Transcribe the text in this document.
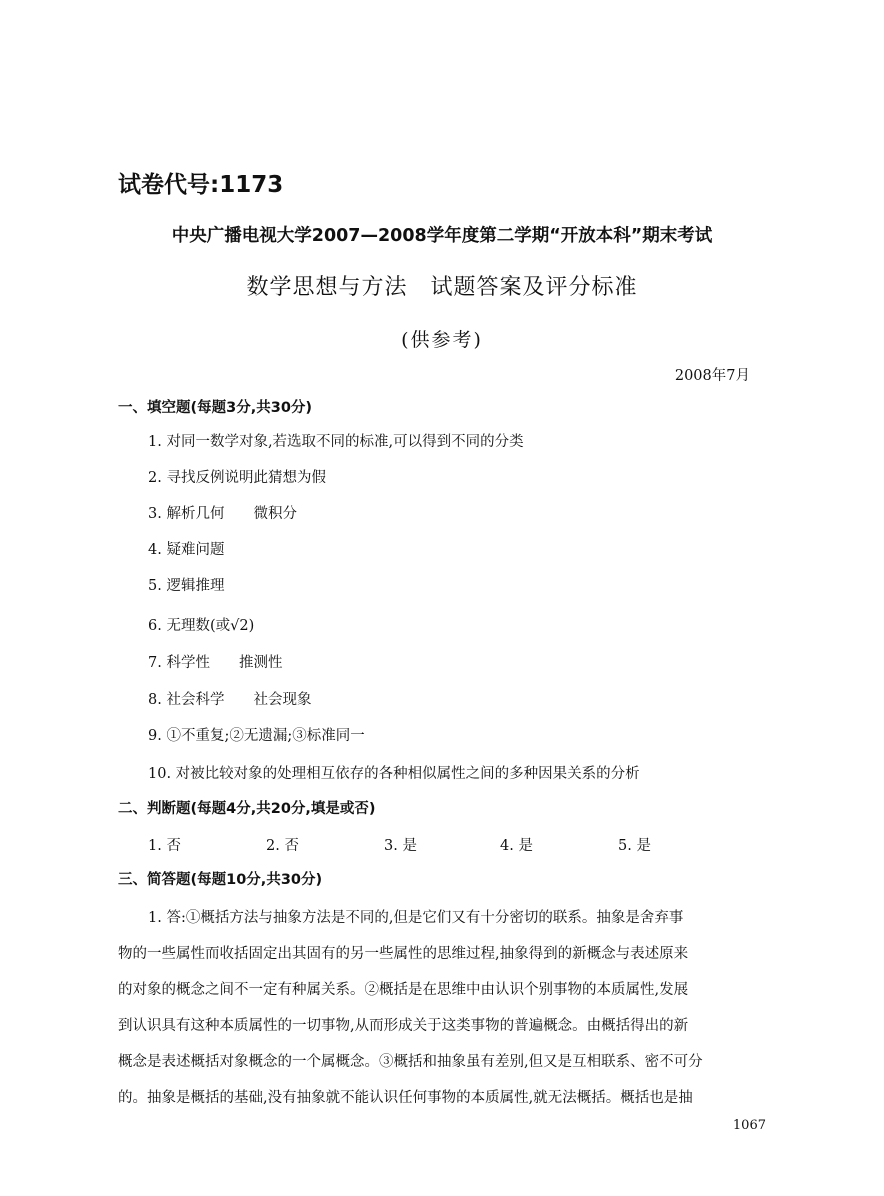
试卷代号:1173
中央广播电视大学2007—2008学年度第二学期“开放本科”期末考试
数学思想与方法　试题答案及评分标准
(供参考)
2008年7月
一、填空题(每题3分,共30分)
1. 对同一数学对象,若选取不同的标准,可以得到不同的分类
2. 寻找反例说明此猜想为假
3. 解析几何　　微积分
4. 疑难问题
5. 逻辑推理
6. 无理数(或√2)
7. 科学性　　推测性
8. 社会科学　　社会现象
9. ①不重复;②无遗漏;③标准同一
10. 对被比较对象的处理相互依存的各种相似属性之间的多种因果关系的分析
二、判断题(每题4分,共20分,填是或否)
1. 否	2. 否	3. 是	4. 是	5. 是
三、简答题(每题10分,共30分)
1. 答:①概括方法与抽象方法是不同的,但是它们又有十分密切的联系。抽象是舍弃事
物的一些属性而收括固定出其固有的另一些属性的思维过程,抽象得到的新概念与表述原来
的对象的概念之间不一定有种属关系。②概括是在思维中由认识个别事物的本质属性,发展
到认识具有这种本质属性的一切事物,从而形成关于这类事物的普遍概念。由概括得出的新
概念是表述概括对象概念的一个属概念。③概括和抽象虽有差别,但又是互相联系、密不可分
的。抽象是概括的基础,没有抽象就不能认识任何事物的本质属性,就无法概括。概括也是抽
1067
